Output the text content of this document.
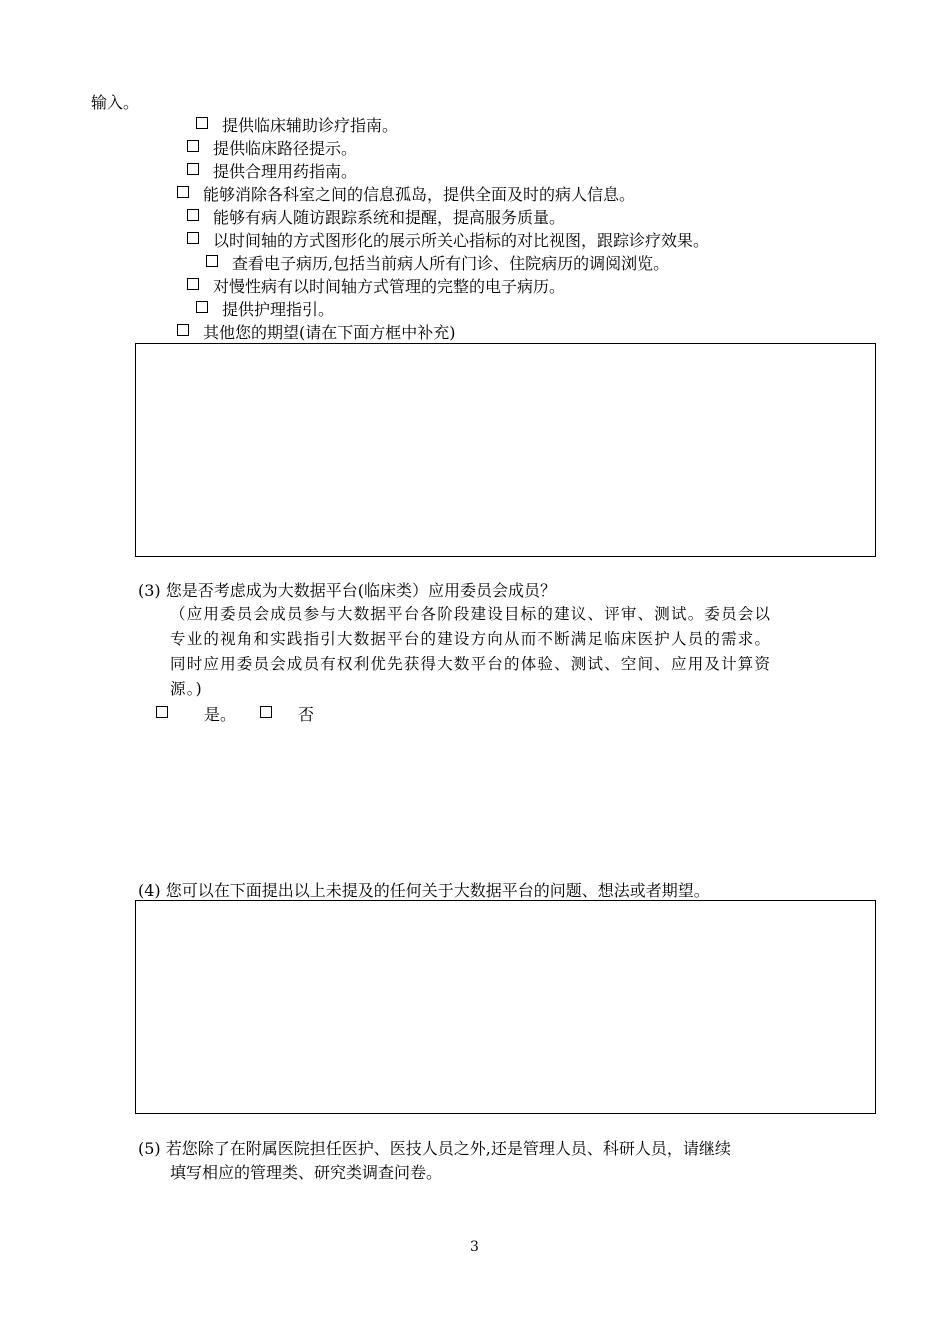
输入。
提供临床辅助诊疗指南。
提供临床路径提示。
提供合理用药指南。
能够消除各科室之间的信息孤岛，提供全面及时的病人信息。
能够有病人随访跟踪系统和提醒，提高服务质量。
以时间轴的方式图形化的展示所关心指标的对比视图，跟踪诊疗效果。
查看电子病历,包括当前病人所有门诊、住院病历的调阅浏览。
对慢性病有以时间轴方式管理的完整的电子病历。
提供护理指引。
其他您的期望(请在下面方框中补充)
(3) 您是否考虑成为大数据平台(临床类）应用委员会成员？
（应用委员会成员参与大数据平台各阶段建设目标的建议、评审、测试。委员会以
专业的视角和实践指引大数据平台的建设方向从而不断满足临床医护人员的需求。
同时应用委员会成员有权利优先获得大数平台的体验、测试、空间、应用及计算资
源。)
是。	否
(4) 您可以在下面提出以上未提及的任何关于大数据平台的问题、想法或者期望。
(5) 若您除了在附属医院担任医护、医技人员之外,还是管理人员、科研人员，请继续
填写相应的管理类、研究类调查问卷。
3
